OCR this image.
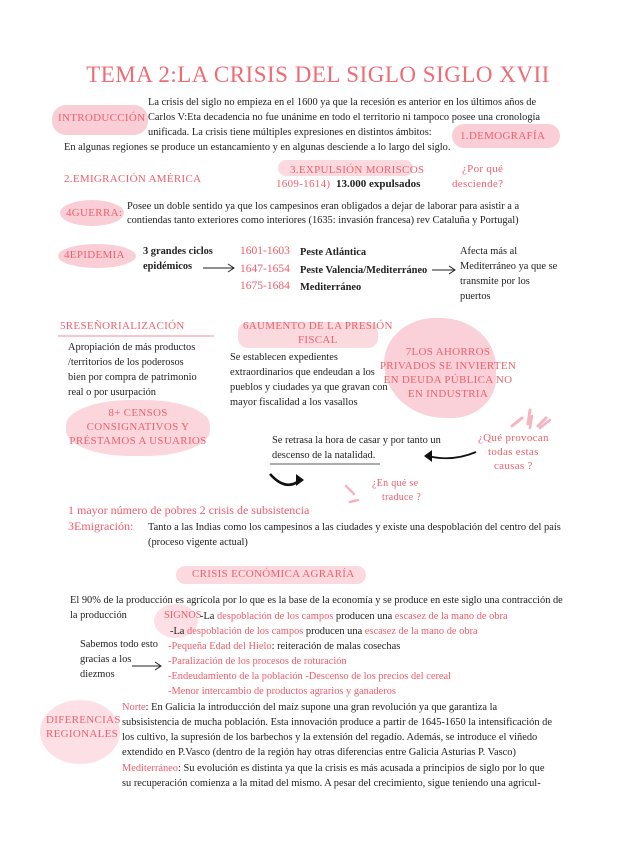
TEMA 2:LA CRISIS DEL SIGLO SIGLO XVII
INTRODUCCIÓN
La crisis del siglo no empieza en el 1600 ya que la recesión es anterior en los últimos años de
Carlos V:Eta decadencia no fue unánime en todo el territorio ni tampoco posee una cronología
unificada. La crisis tiene múltiples expresiones en distintos ámbitos:
En algunas regiones se produce un estancamiento y en algunas desciende a lo largo del siglo.
1.DEMOGRAFÍA
2.EMIGRACIÓN AMÉRICA
3.EXPULSIÓN MORISCOS
1609-1614) 13.000 expulsados
¿Por qué
desciende?
4GUERRA:
Posee un doble sentido ya que los campesinos eran obligados a dejar de laborar para asistir a a
contiendas tanto exteriores como interiores (1635: invasión francesa) rev Cataluña y Portugal)
4EPIDEMIA 3 grandes ciclos
epidémicos
1601-1603 Peste Atlántica
1647-1654 Peste Valencia/Mediterráneo
1675-1684 Mediterráneo
Afecta más al
Mediterráneo ya que se
transmite por los
puertos
5RESEÑORIALIZACIÓN
Apropiación de más productos
/territorios de los poderosos
bien por compra de patrimonio
real o por usurpación
6AUMENTO DE LA PRESIÓN
FISCAL
Se establecen expedientes
extraordinarios que endeudan a los
pueblos y ciudades ya que gravan con
mayor fiscalidad a los vasallos
7LOS AHORROS
PRIVADOS SE INVIERTEN
EN DEUDA PÚBLICA NO
EN INDUSTRIA
8+ CENSOS
CONSIGNATIVOS Y
PRÉSTAMOS A USUARIOS	Se retrasa la hora de casar y por tanto un
descenso de la natalidad.
¿Qué provocan
todas estas
causas ?
¿En qué se
traduce ?
1 mayor número de pobres 2 crisis de subsistencia
3Emigración: Tanto a las Indias como los campesinos a las ciudades y existe una despoblación del centro del país
(proceso vigente actual)
CRISIS ECONÓMICA AGRARÍA
El 90% de la producción es agrícola por lo que es la base de la economía y se produce en este siglo una contracción de
la producción	SIGNOS
-La despoblación de los campos producen una escasez de la mano de obra
-La despoblación de los campos producen una escasez de la mano de obra
-Pequeña Edad del Hielo: reiteración de malas cosechas
-Paralización de los procesos de roturación
-Endeudamiento de la población -Descenso de los precios del cereal
-Menor intercambio de productos agrarios y ganaderos
Sabemos todo esto
gracias a los
diezmos
DIFERENCIAS
REGIONALES
Norte: En Galicia la introducción del maíz supone una gran revolución ya que garantiza la
subsisistencia de mucha población. Esta innovación produce a partir de 1645-1650 la intensificación de
los cultivo, la supresión de los barbechos y la extensión del regadío. Además, se introduce el viñedo
extendido en P.Vasco (dentro de la región hay otras diferencias entre Galicia Asturias P. Vasco)
Mediterráneo: Su evolución es distinta ya que la crisis es más acusada a principios de siglo por lo que
su recuperación comienza a la mitad del mismo. A pesar del crecimiento, sigue teniendo una agricul-
